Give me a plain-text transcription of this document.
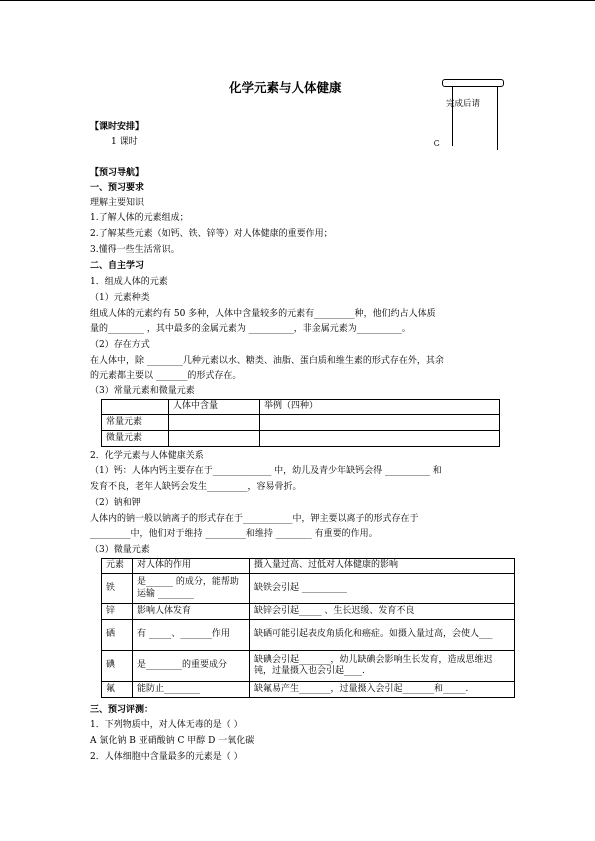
化学元素与人体健康
完成后请
Ꮯ
【课时安排】
1 课时
【预习导航】
一、预习要求
理解主要知识
1.了解人体的元素组成；
2.了解某些元素（如钙、铁、锌等）对人体健康的重要作用；
3.懂得一些生活常识。
二、自主学习
1．组成人体的元素
（1）元素种类
组成人体的元素约有 50 多种，人体中含量较多的元素有_________种，他们约占人体质
量的________ ，其中最多的金属元素为 __________，非金属元素为__________。
（2）存在方式
在人体中，除 ________几种元素以水、糖类、油脂、蛋白质和维生素的形式存在外，其余
的元素都主要以 _______的形式存在。
（3）常量元素和微量元素
	人体中含量	举例（四种）
常量元素		
微量元素		
2．化学元素与人体健康关系
（1）钙：人体内钙主要存在于_____________ 中，幼儿及青少年缺钙会得 __________ 和
发育不良，老年人缺钙会发生_________，容易骨折。
（2）钠和钾
人体内的钠一般以钠离子的形式存在于___________中，钾主要以离子的形式存在于
_________中，他们对于维持 _________和维持 ________ 有重要的作用。
（3）微量元素
元素	对人体的作用	摄入量过高、过低对人体健康的影响
铁	是______ 的成分，能帮助运输 ________	缺铁会引起 __________
锌	影响人体发育	缺锌会引起_____ 、生长迟缓、发育不良
硒	有 _____、_______作用	缺硒可能引起表皮角质化和癌症。如摄入量过高，会使人___
碘	是________的重要成分	缺碘会引起_______，幼儿缺碘会影响生长发育，造成思维迟钝，过量摄入也会引起____.
氟	能防止________	缺氟易产生_______，过量摄入会引起_______和_____.
三、预习评测：
1．下列物质中，对人体无毒的是（ ）
A 氯化钠 B 亚硝酸钠 C 甲醇 D 一氧化碳
2．人体细胞中含量最多的元素是（ ）
